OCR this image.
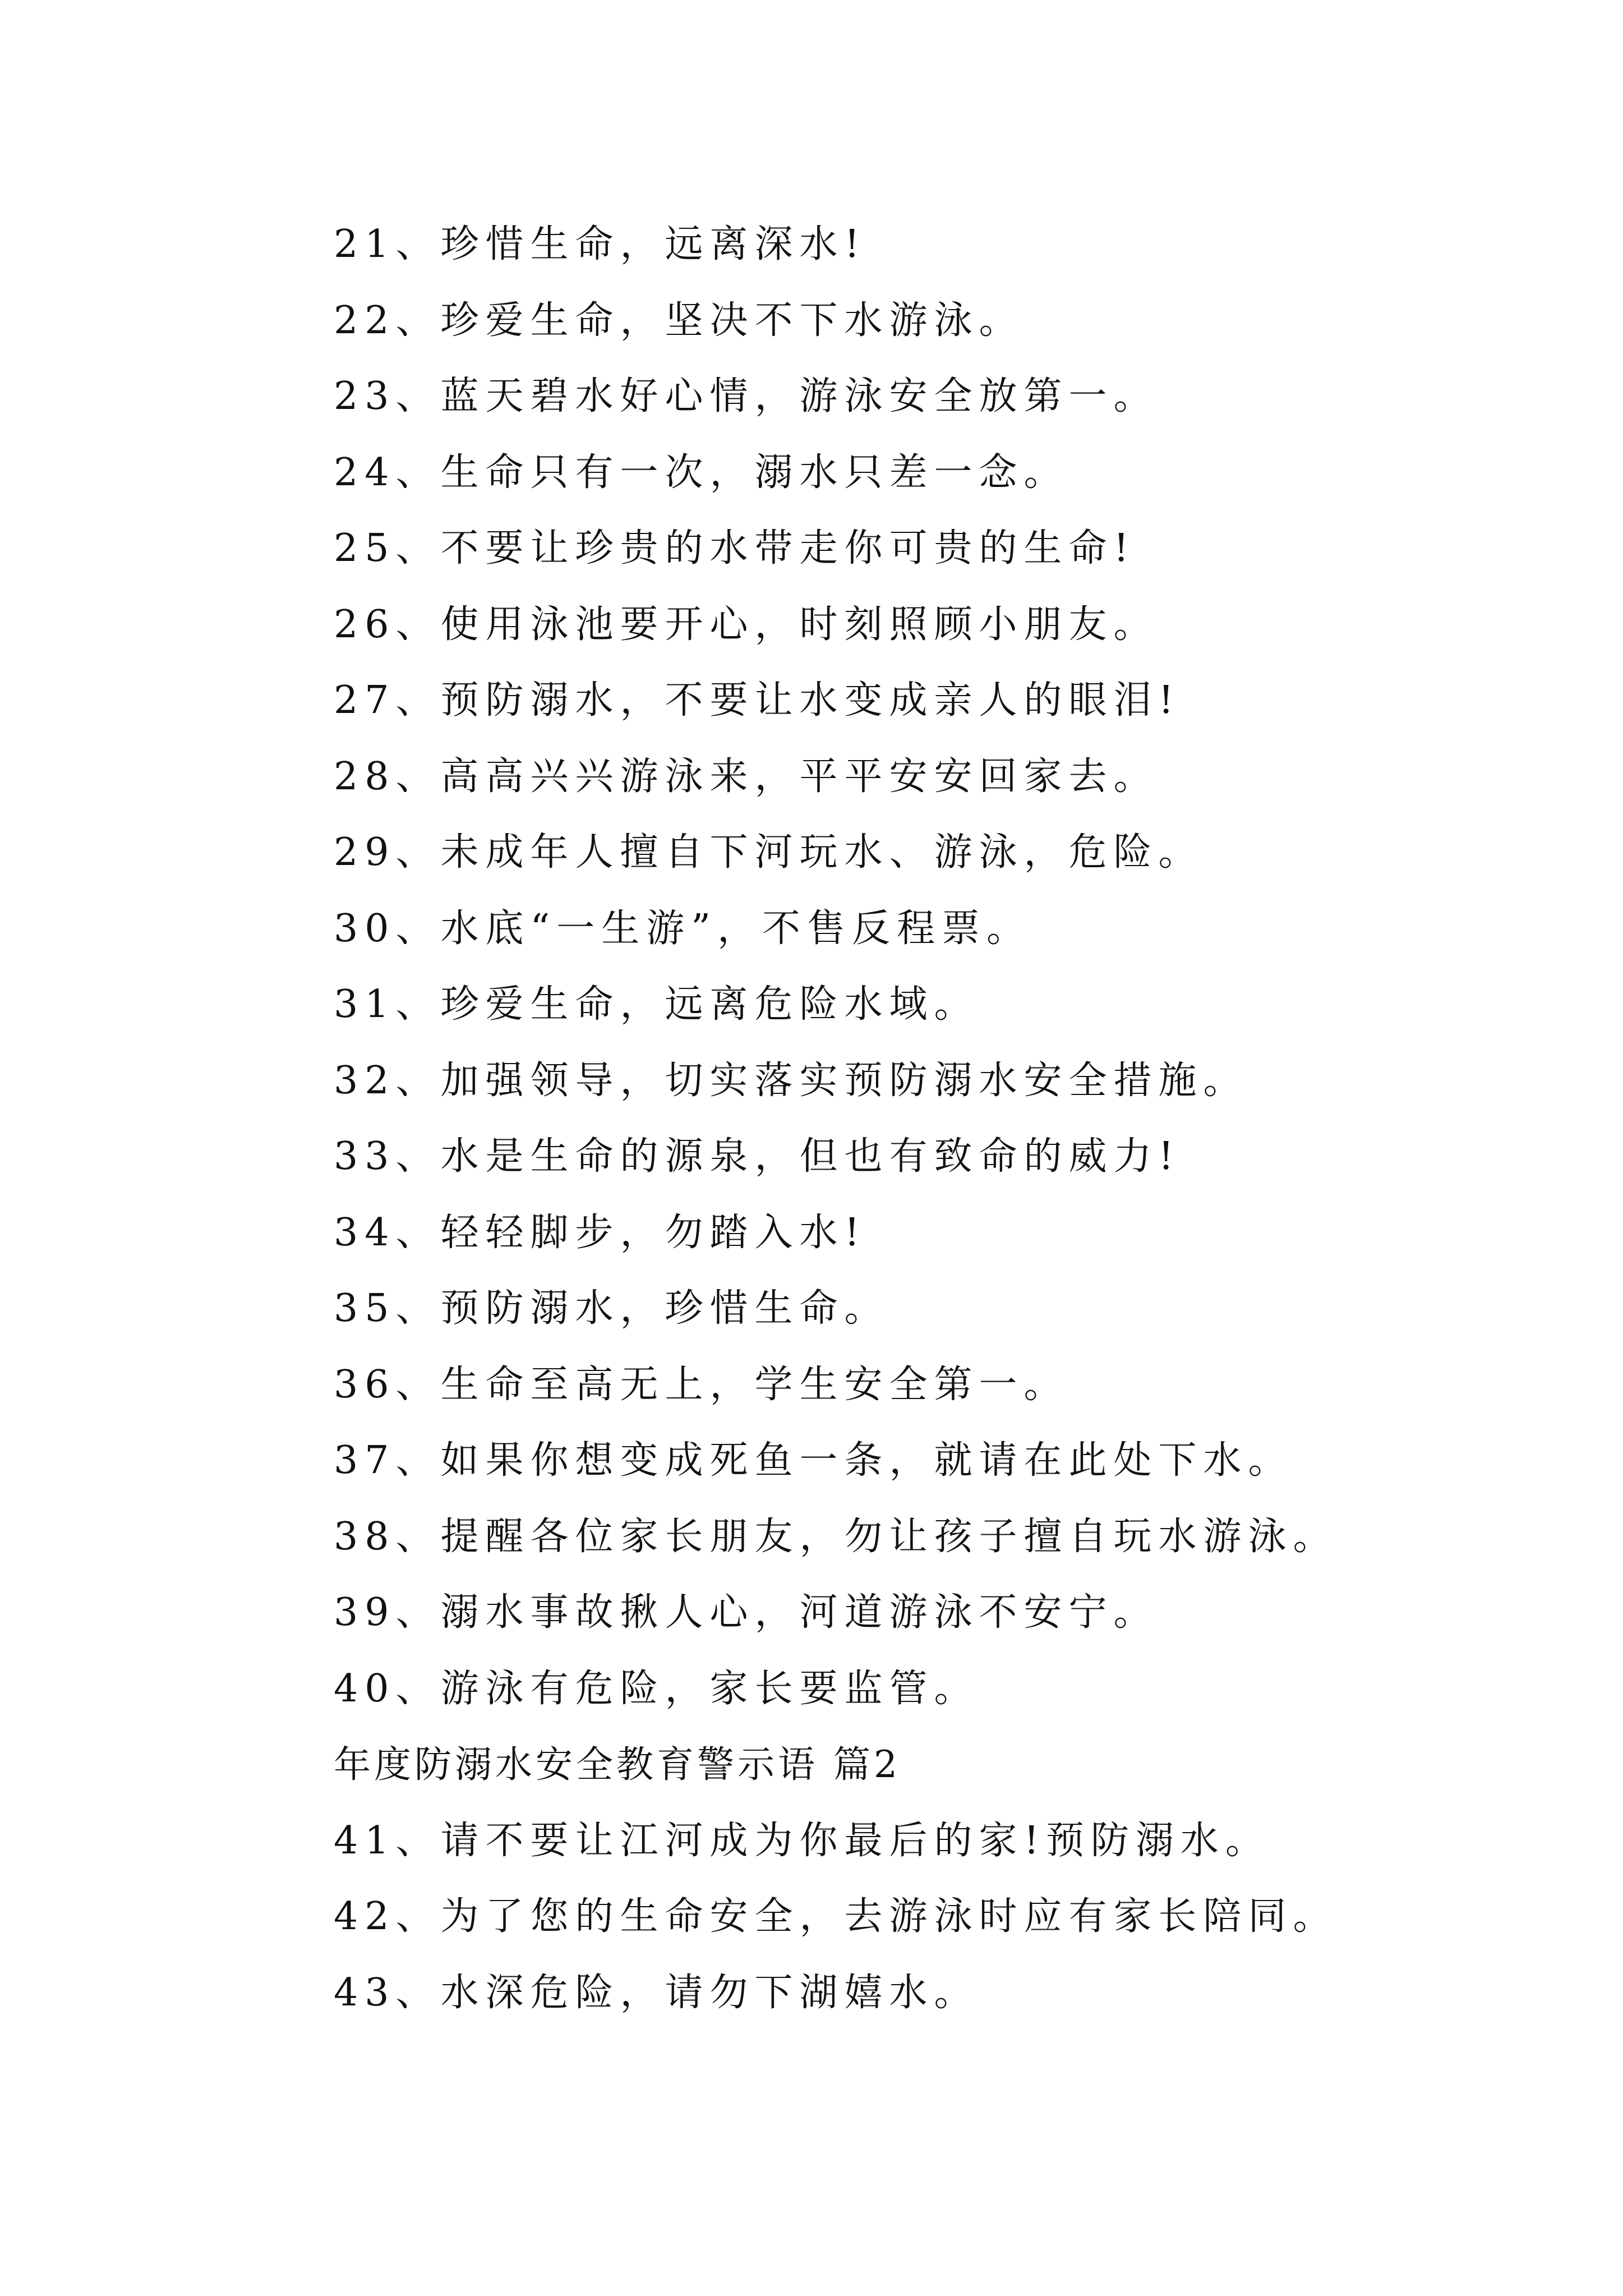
21、珍惜生命，远离深水!
22、珍爱生命，坚决不下水游泳。
23、蓝天碧水好心情，游泳安全放第一。
24、生命只有一次，溺水只差一念。
25、不要让珍贵的水带走你可贵的生命!
26、使用泳池要开心，时刻照顾小朋友。
27、预防溺水，不要让水变成亲人的眼泪!
28、高高兴兴游泳来，平平安安回家去。
29、未成年人擅自下河玩水、游泳，危险。
30、水底“一生游”，不售反程票。
31、珍爱生命，远离危险水域。
32、加强领导，切实落实预防溺水安全措施。
33、水是生命的源泉，但也有致命的威力!
34、轻轻脚步，勿踏入水!
35、预防溺水，珍惜生命。
36、生命至高无上，学生安全第一。
37、如果你想变成死鱼一条，就请在此处下水。
38、提醒各位家长朋友，勿让孩子擅自玩水游泳。
39、溺水事故揪人心，河道游泳不安宁。
40、游泳有危险，家长要监管。
年度防溺水安全教育警示语 篇2
41、请不要让江河成为你最后的家!预防溺水。
42、为了您的生命安全，去游泳时应有家长陪同。
43、水深危险，请勿下湖嬉水。
